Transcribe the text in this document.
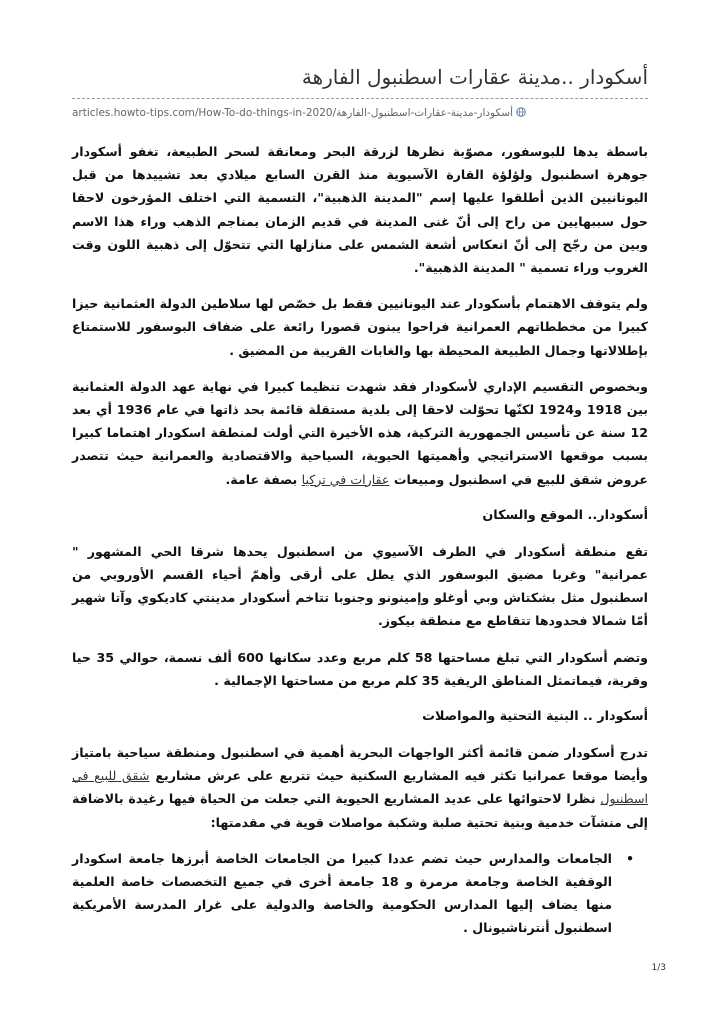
أسكودار ..مدينة عقارات اسطنبول الفارهة
articles.howto-tips.com/How-To-do-things-in-2020/أسكودار-مدينة-عقارات-اسطنبول-الفارهة

باسطة يدها للبوسفور، مصوّبة نظرها لزرقة البحر ومعانقة لسحر الطبيعة، تغفو أسكودار جوهرة اسطنبول ولؤلؤة القارة الآسيوية منذ القرن السابع ميلادي بعد تشييدها من قبل اليونانيين الذين أطلقوا عليها إسم "المدينة الذهبية"، التسمية التي اختلف المؤرخون لاحقا حول سببهايين من راح إلى أنّ غنى المدينة في قديم الزمان بمناجم الذهب وراء هذا الاسم وبين من رجّح إلى أنّ انعكاس أشعة الشمس على منازلها التي تتحوّل إلى ذهبية اللون وقت الغروب وراء تسمية " المدينة الذهبية".

ولم يتوقف الاهتمام بأسكودار عند اليونانيين فقط بل خصّص لها سلاطين الدولة العثمانية حيزا كبيرا من مخططاتهم العمرانية فراحوا يبنون قصورا رائعة على ضفاف البوسفور للاستمتاع بإطلالاتها وجمال الطبيعة المحيطة بها والغابات القريبة من المضيق .

وبخصوص التقسيم الإداري لأسكودار فقد شهدت تنظيما كبيرا في نهاية عهد الدولة العثمانية بين 1918 و1924 لكنّها تحوّلت لاحقا إلى بلدية مستقلة قائمة بحد ذاتها في عام 1936 أي بعد 12 سنة عن تأسيس الجمهورية التركية، هذه الأخيرة التي أولت لمنطقة اسكودار اهتماما كبيرا بسبب موقعها الاستراتيجي وأهميتها الحيوية، السياحية والاقتصادية والعمرانية حيث تتصدر عروض شقق للبيع في اسطنبول ومبيعات عقارات في تركيا بصفة عامة.

أسكودار.. الموقع والسكان

تقع منطقة أسكودار في الطرف الآسيوي من اسطنبول يحدها شرقا الحي المشهور " عمرانية" وغربا مضيق البوسفور الذي يطل على أرقى وأهمّ أحياء القسم الأوروبي من اسطنبول مثل بشكتاش وبي أوغلو وإمينونو وجنوبا تتاخم أسكودار مدينتي كاديكوي وآتا شهير أمّا شمالا فحدودها تتقاطع مع منطقة بيكوز.

وتضم أسكودار التي تبلغ مساحتها 58 كلم مربع وعدد سكانها 600 ألف نسمة، حوالي 35 حيا وقرية، فيماتمثل المناطق الريفية 35 كلم مربع من مساحتها الإجمالية .

أسكودار .. البنية التحتية والمواصلات

تدرج أسكودار ضمن قائمة أكثر الواجهات البحرية أهمية في اسطنبول ومنطقة سياحية بامتياز وأيضا موقعا عمرانيا تكثر فيه المشاريع السكنية حيث تتربع على عرش مشاريع شقق للبيع في اسطنبول نظرا لاحتوائها على عديد المشاريع الحيوية التي جعلت من الحياة فيها رغيدة بالاضافة إلى منشآت خدمية وبنية تحتية صلبة وشكبة مواصلات قوية في مقدمتها:

•
الجامعات والمدارس حيث تضم عددا كبيرا من الجامعات الخاصة أبرزها جامعة اسكودار الوقفية الخاصة وجامعة مرمرة و 18 جامعة أخرى في جميع التخصصات خاصة العلمية منها يضاف إليها المدارس الحكومية والخاصة والدولية على غرار المدرسة الأمريكية اسطنبول أنترناشيونال .
1/3
